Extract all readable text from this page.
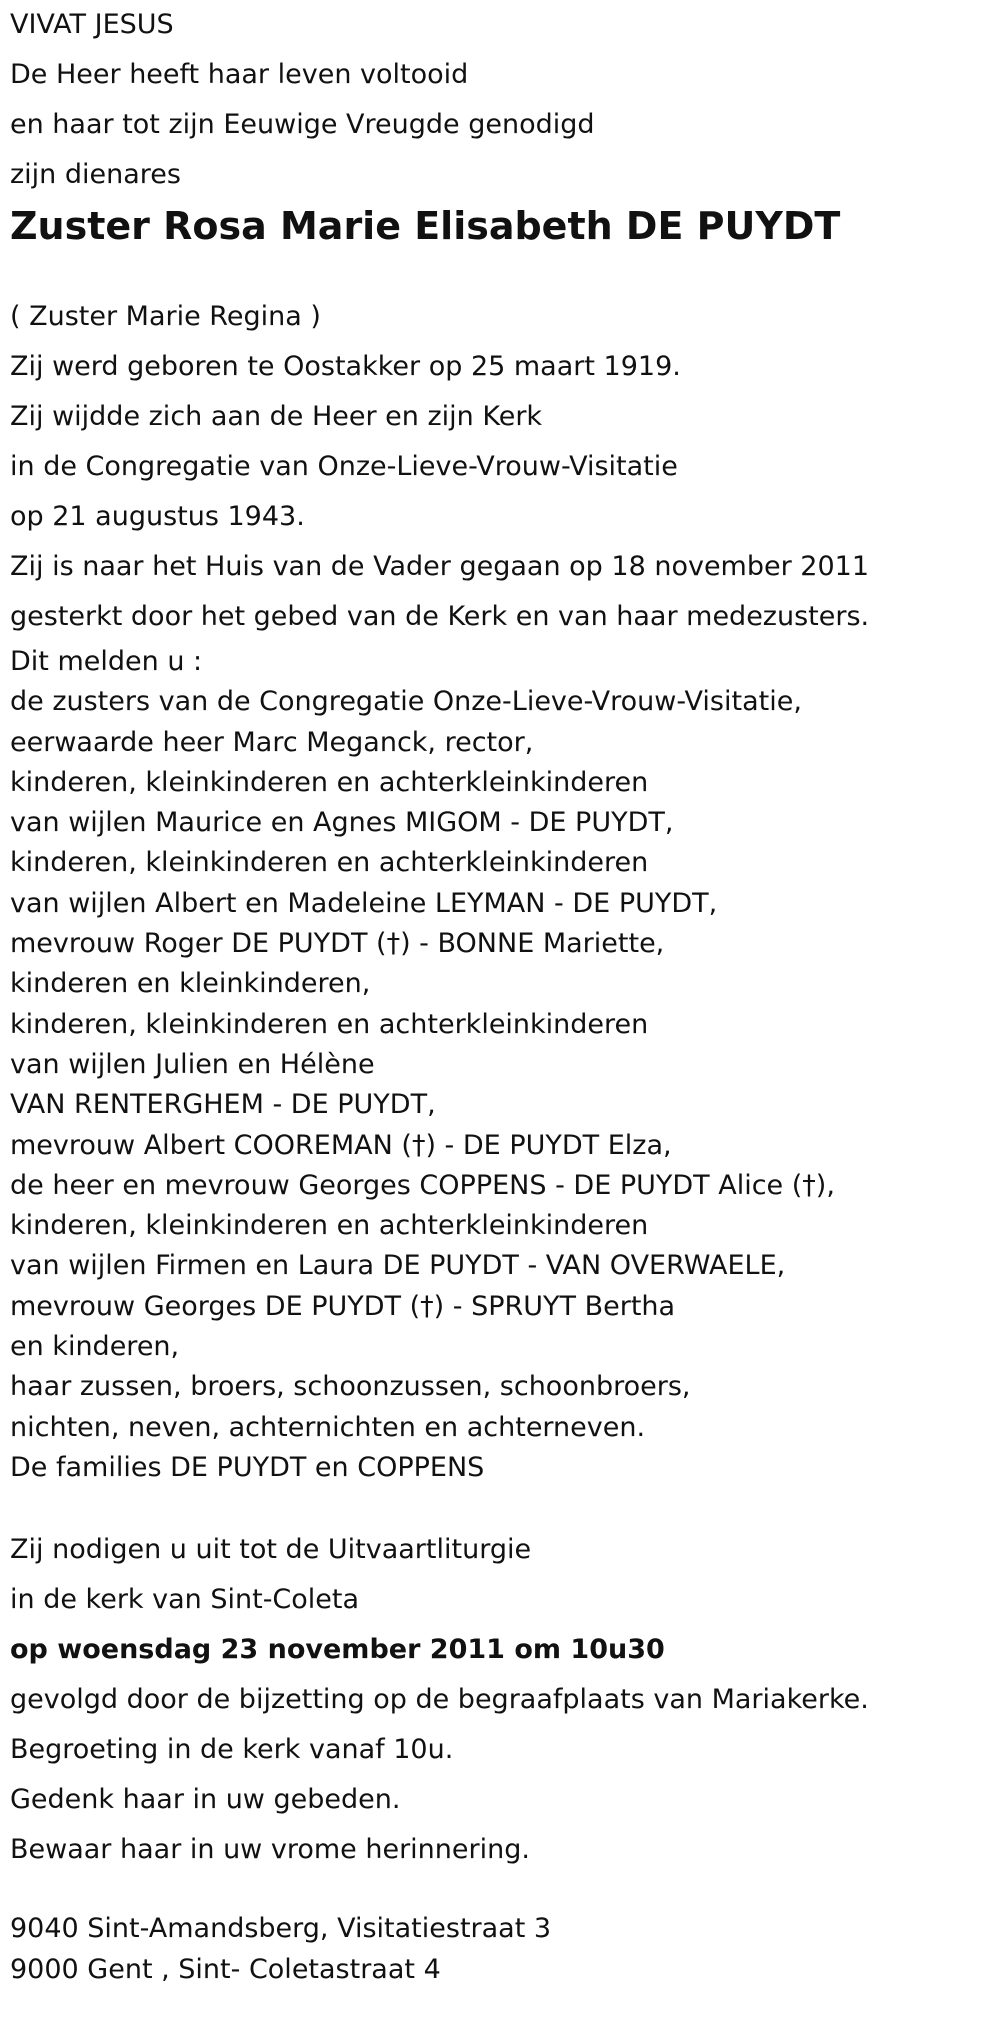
VIVAT JESUS

De Heer heeft haar leven voltooid

en haar tot zijn Eeuwige Vreugde genodigd

zijn dienares

Zuster Rosa Marie Elisabeth DE PUYDT

( Zuster Marie Regina )

Zij werd geboren te Oostakker op 25 maart 1919.

Zij wijdde zich aan de Heer en zijn Kerk

in de Congregatie van Onze-Lieve-Vrouw-Visitatie

op 21 augustus 1943.

Zij is naar het Huis van de Vader gegaan op 18 november 2011

gesterkt door het gebed van de Kerk en van haar medezusters.

Dit melden u :

de zusters van de Congregatie Onze-Lieve-Vrouw-Visitatie,

eerwaarde heer Marc Meganck, rector,

kinderen, kleinkinderen en achterkleinkinderen

van wijlen Maurice en Agnes MIGOM - DE PUYDT,

kinderen, kleinkinderen en achterkleinkinderen

van wijlen Albert en Madeleine LEYMAN - DE PUYDT,

mevrouw Roger DE PUYDT (†) - BONNE Mariette,

kinderen en kleinkinderen,

kinderen, kleinkinderen en achterkleinkinderen

van wijlen Julien en Hélène

VAN RENTERGHEM - DE PUYDT,

mevrouw Albert COOREMAN (†) - DE PUYDT Elza,

de heer en mevrouw Georges COPPENS - DE PUYDT Alice (†),

kinderen, kleinkinderen en achterkleinkinderen

van wijlen Firmen en Laura DE PUYDT - VAN OVERWAELE,

mevrouw Georges DE PUYDT (†) - SPRUYT Bertha

en kinderen,

haar zussen, broers, schoonzussen, schoonbroers,

nichten, neven, achternichten en achterneven.

De families DE PUYDT en COPPENS

Zij nodigen u uit tot de Uitvaartliturgie

in de kerk van Sint-Coleta

op woensdag 23 november 2011 om 10u30

gevolgd door de bijzetting op de begraafplaats van Mariakerke.

Begroeting in de kerk vanaf 10u.

Gedenk haar in uw gebeden.

Bewaar haar in uw vrome herinnering.

9040 Sint-Amandsberg, Visitatiestraat 3

9000 Gent , Sint- Coletastraat 4
